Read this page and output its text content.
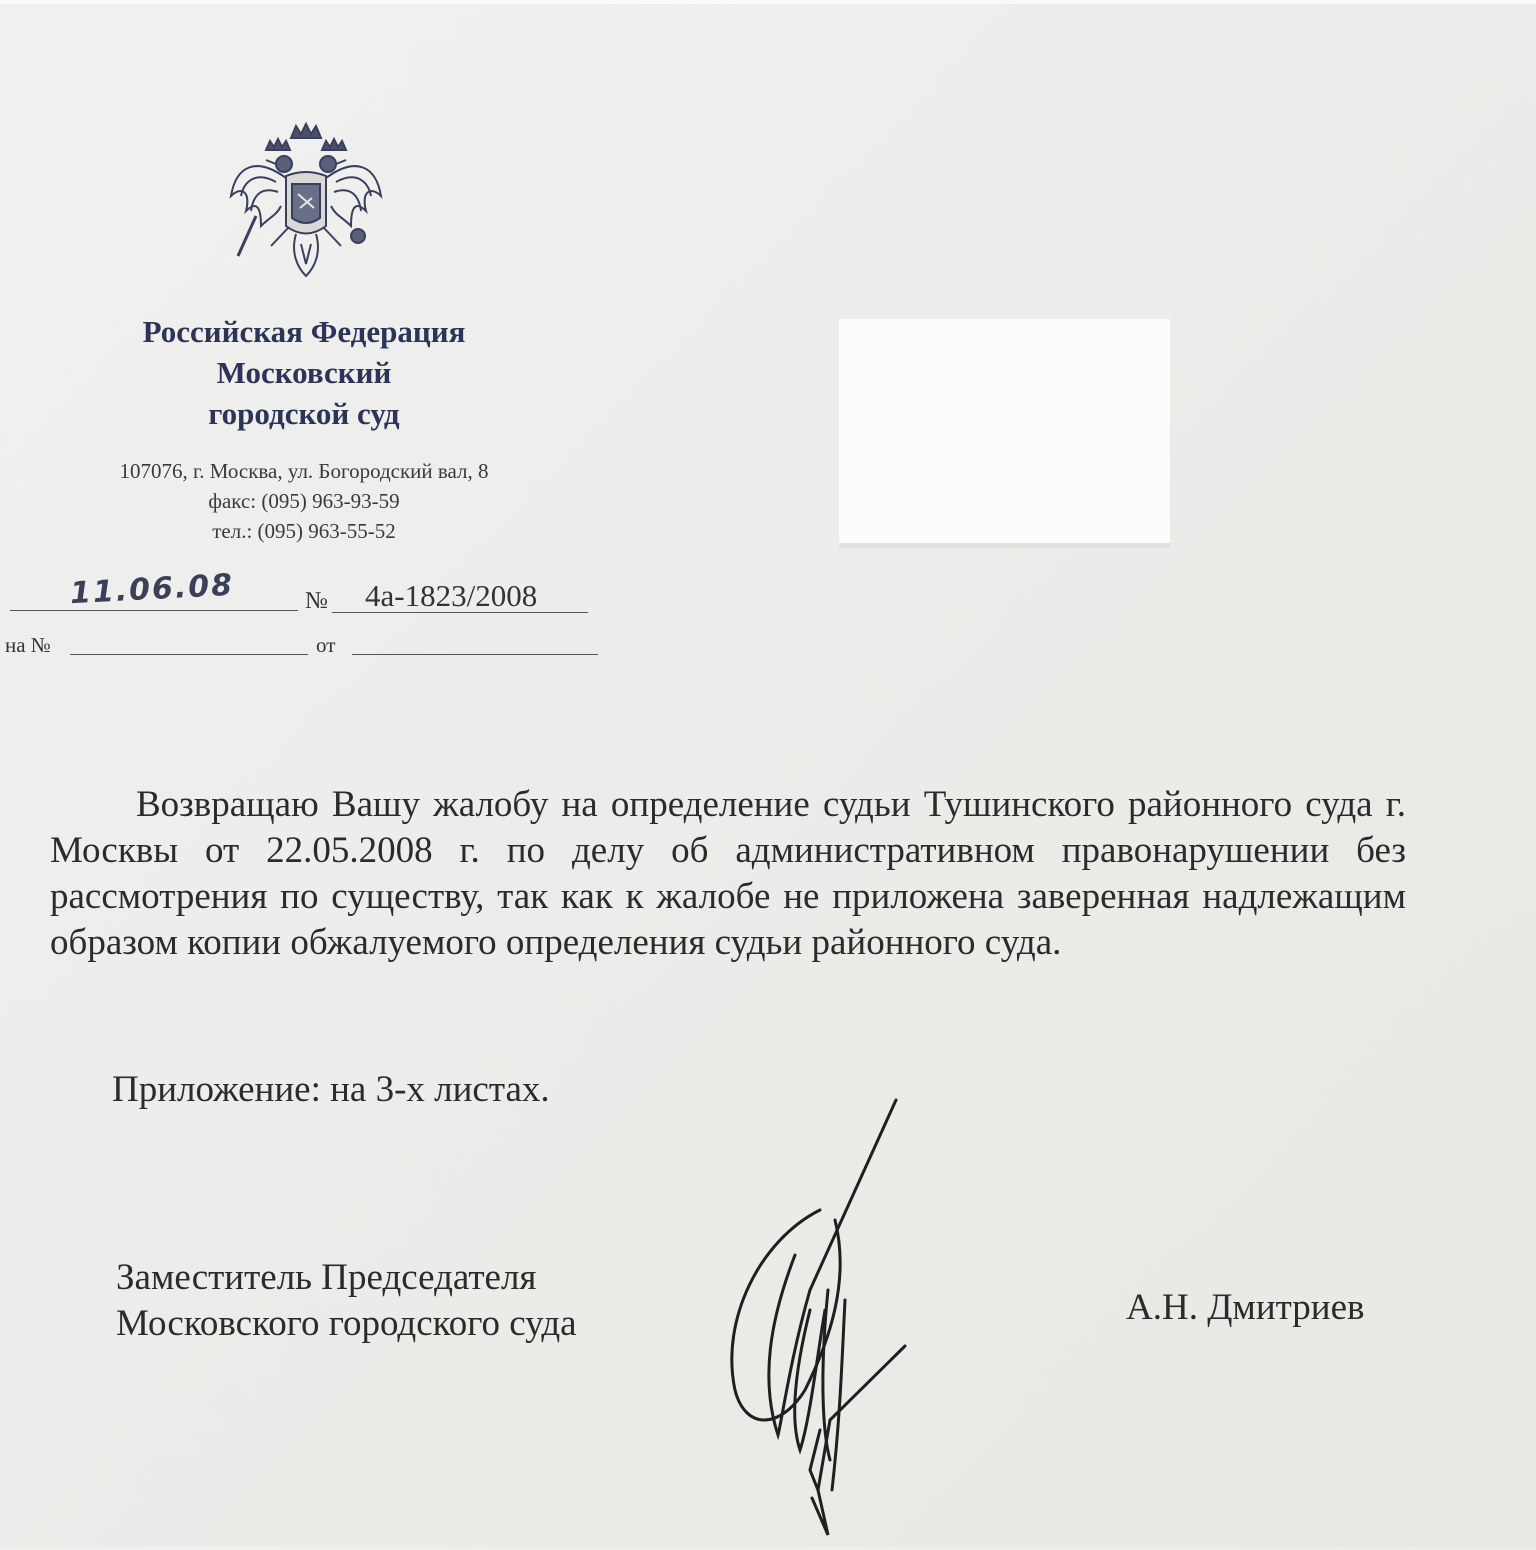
Российская Федерация
Московский
городской суд
107076, г. Москва, ул. Богородский вал, 8
факс: (095) 963-93-59
тел.: (095) 963-55-52
11.06.08	№ 4а-1823/2008
на №	от
Возвращаю Вашу жалобу на определение судьи Тушинского районного суда г. Москвы от 22.05.2008 г. по делу об административном правонарушении без рассмотрения по существу, так как к жалобе не приложена заверенная надлежащим образом копии обжалуемого определения судьи районного суда.
Приложение: на 3-х листах.
Заместитель Председателя
Московского городского суда	А.Н. Дмитриев
